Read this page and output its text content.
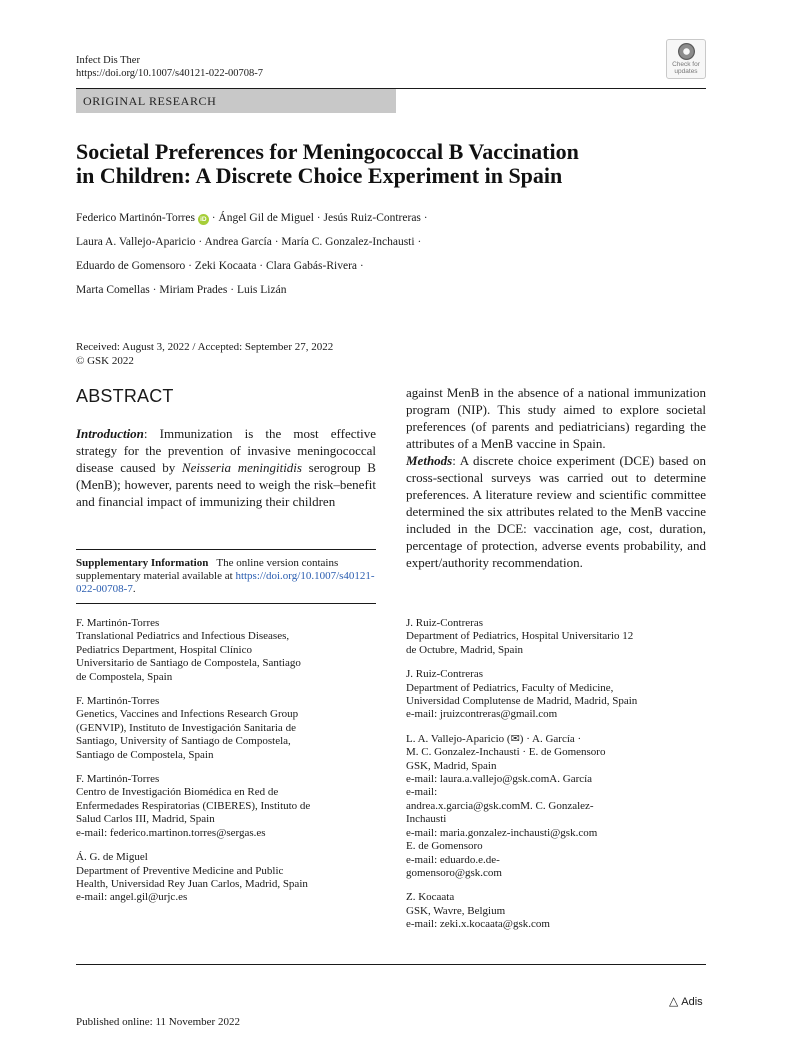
Infect Dis Ther
https://doi.org/10.1007/s40121-022-00708-7
Check for
updates
ORIGINAL RESEARCH
Societal Preferences for Meningococcal B Vaccination
in Children: A Discrete Choice Experiment in Spain
Federico Martinón-Torres iD · Ángel Gil de Miguel · Jesús Ruiz-Contreras ·
Laura A. Vallejo-Aparicio · Andrea García · María C. Gonzalez-Inchausti ·
Eduardo de Gomensoro · Zeki Kocaata · Clara Gabás-Rivera ·
Marta Comellas · Miriam Prades · Luis Lizán
Received: August 3, 2022 / Accepted: September 27, 2022
© GSK 2022
ABSTRACT

Introduction: Immunization is the most effective strategy for the prevention of invasive meningococcal disease caused by Neisseria meningitidis serogroup B (MenB); however, parents need to weigh the risk–benefit and financial impact of immunizing their children

against MenB in the absence of a national immunization program (NIP). This study aimed to explore societal preferences (of parents and pediatricians) regarding the attributes of a MenB vaccine in Spain.

Methods: A discrete choice experiment (DCE) based on cross-sectional surveys was carried out to determine preferences. A literature review and scientific committee determined the six attributes related to the MenB vaccine included in the DCE: vaccination age, cost, duration, percentage of protection, adverse events probability, and expert/authority recommendation.

Supplementary Information The online version contains supplementary material available at https://doi.org/10.1007/s40121-022-00708-7.
F. Martinón-Torres
Translational Pediatrics and Infectious Diseases,
Pediatrics Department, Hospital Clínico
Universitario de Santiago de Compostela, Santiago
de Compostela, Spain
F. Martinón-Torres
Genetics, Vaccines and Infections Research Group
(GENVIP), Instituto de Investigación Sanitaria de
Santiago, University of Santiago de Compostela,
Santiago de Compostela, Spain
F. Martinón-Torres
Centro de Investigación Biomédica en Red de
Enfermedades Respiratorias (CIBERES), Instituto de
Salud Carlos III, Madrid, Spain
e-mail: federico.martinon.torres@sergas.es
Á. G. de Miguel
Department of Preventive Medicine and Public
Health, Universidad Rey Juan Carlos, Madrid, Spain
e-mail: angel.gil@urjc.es
J. Ruiz-Contreras
Department of Pediatrics, Hospital Universitario 12
de Octubre, Madrid, Spain
J. Ruiz-Contreras
Department of Pediatrics, Faculty of Medicine,
Universidad Complutense de Madrid, Madrid, Spain
e-mail: jruizcontreras@gmail.com
L. A. Vallejo-Aparicio (✉) · A. García ·
M. C. Gonzalez-Inchausti · E. de Gomensoro
GSK, Madrid, Spain
e-mail: laura.a.vallejo@gsk.comA. García
e-mail:
andrea.x.garcia@gsk.comM. C. Gonzalez-
Inchausti
e-mail: maria.gonzalez-inchausti@gsk.com
E. de Gomensoro
e-mail: eduardo.e.de-
gomensoro@gsk.com
Z. Kocaata
GSK, Wavre, Belgium
e-mail: zeki.x.kocaata@gsk.com
△ Adis
Published online: 11 November 2022
